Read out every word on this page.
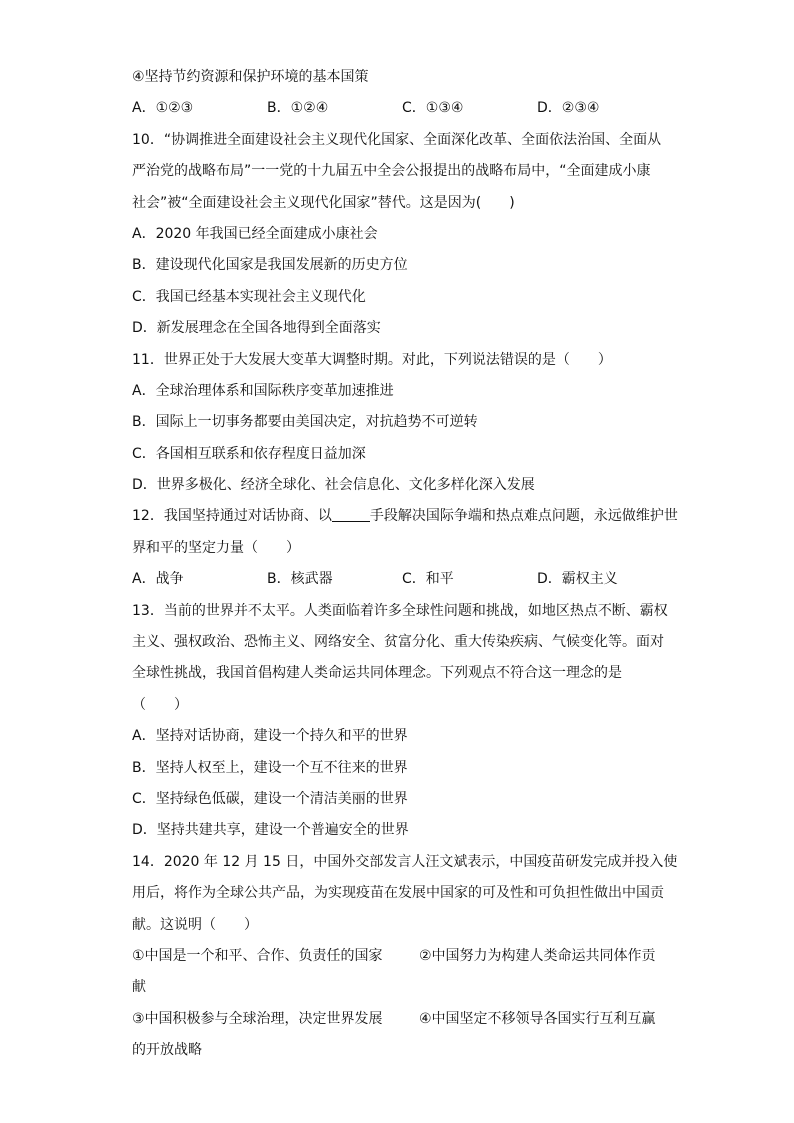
④坚持节约资源和保护环境的基本国策
A．①②③	B．①②④	C．①③④	D．②③④
10．“协调推进全面建设社会主义现代化国家、全面深化改革、全面依法治国、全面从
严治党的战略布局”一一党的十九届五中全会公报提出的战略布局中，“全面建成小康
社会”被“全面建设社会主义现代化国家”替代。这是因为(　　)
A．2020 年我国已经全面建成小康社会
B．建设现代化国家是我国发展新的历史方位
C．我国已经基本实现社会主义现代化
D．新发展理念在全国各地得到全面落实
11．世界正处于大发展大变革大调整时期。对此，下列说法错误的是（　　）
A．全球治理体系和国际秩序变革加速推进
B．国际上一切事务都要由美国决定，对抗趋势不可逆转
C．各国相互联系和依存程度日益加深
D．世界多极化、经济全球化、社会信息化、文化多样化深入发展
12．我国坚持通过对话协商、以	手段解决国际争端和热点难点问题，永远做维护世
界和平的坚定力量（　　）
A．战争	B．核武器	C．和平	D．霸权主义
13．当前的世界并不太平。人类面临着许多全球性问题和挑战，如地区热点不断、霸权
主义、强权政治、恐怖主义、网络安全、贫富分化、重大传染疾病、气候变化等。面对
全球性挑战，我国首倡构建人类命运共同体理念。下列观点不符合这一理念的是
（　　）
A．坚持对话协商，建设一个持久和平的世界
B．坚持人权至上，建设一个互不往来的世界
C．坚持绿色低碳，建设一个清洁美丽的世界
D．坚持共建共享，建设一个普遍安全的世界
14．2020 年 12 月 15 日，中国外交部发言人汪文斌表示，中国疫苗研发完成并投入使
用后，将作为全球公共产品，为实现疫苗在发展中国家的可及性和可负担性做出中国贡
献。这说明（　　）
①中国是一个和平、合作、负责任的国家	②中国努力为构建人类命运共同体作贡
献
③中国积极参与全球治理，决定世界发展	④中国坚定不移领导各国实行互利互赢
的开放战略
